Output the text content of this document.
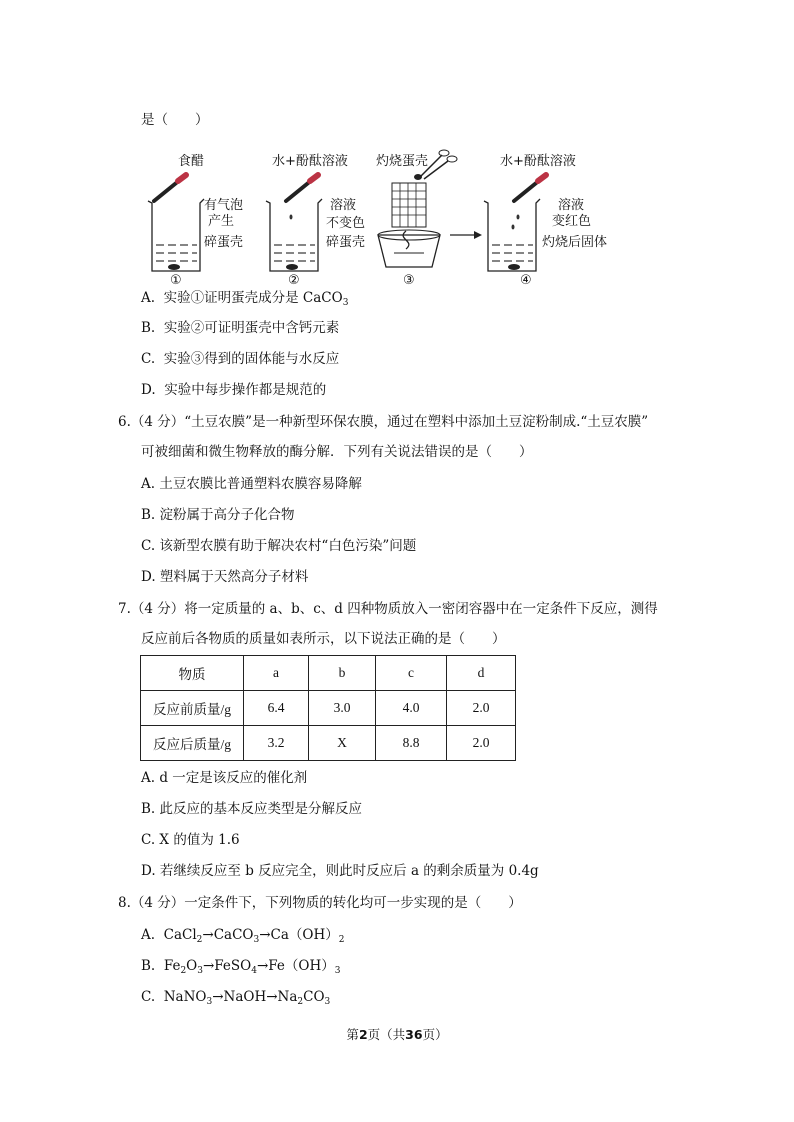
是（　　）
食醋
有气泡
产生
碎蛋壳
①
水+酚酞溶液
溶液
不变色
碎蛋壳
②
灼烧蛋壳
③
水+酚酞溶液
溶液
变红色
灼烧后固体
④
A. 实验①证明蛋壳成分是 CaCO$_3$
B. 实验②可证明蛋壳中含钙元素
C. 实验③得到的固体能与水反应
D. 实验中每步操作都是规范的
6.（4 分）“土豆农膜”是一种新型环保农膜，通过在塑料中添加土豆淀粉制成.“土豆农膜”
可被细菌和微生物释放的酶分解．下列有关说法错误的是（　　）
A. 土豆农膜比普通塑料农膜容易降解
B. 淀粉属于高分子化合物
C. 该新型农膜有助于解决农村“白色污染”问题
D. 塑料属于天然高分子材料
7.（4 分）将一定质量的 a、b、c、d 四种物质放入一密闭容器中在一定条件下反应，测得
反应前后各物质的质量如表所示，以下说法正确的是（　　）
物质	a	b	c	d
反应前质量/g	6.4	3.0	4.0	2.0
反应后质量/g	3.2	X	8.8	2.0
A. d 一定是该反应的催化剂
B. 此反应的基本反应类型是分解反应
C. X 的值为 1.6
D. 若继续反应至 b 反应完全，则此时反应后 a 的剩余质量为 0.4g
8.（4 分）一定条件下，下列物质的转化均可一步实现的是（　　）
A. $CaCl_2\to CaCO_3\to Ca(OH)_2$
B. $Fe_2O_3\to FeSO_4\to Fe(OH)_3$
C. $NaNO_3\to NaOH\to Na_2CO_3$
第2页（共36页）
